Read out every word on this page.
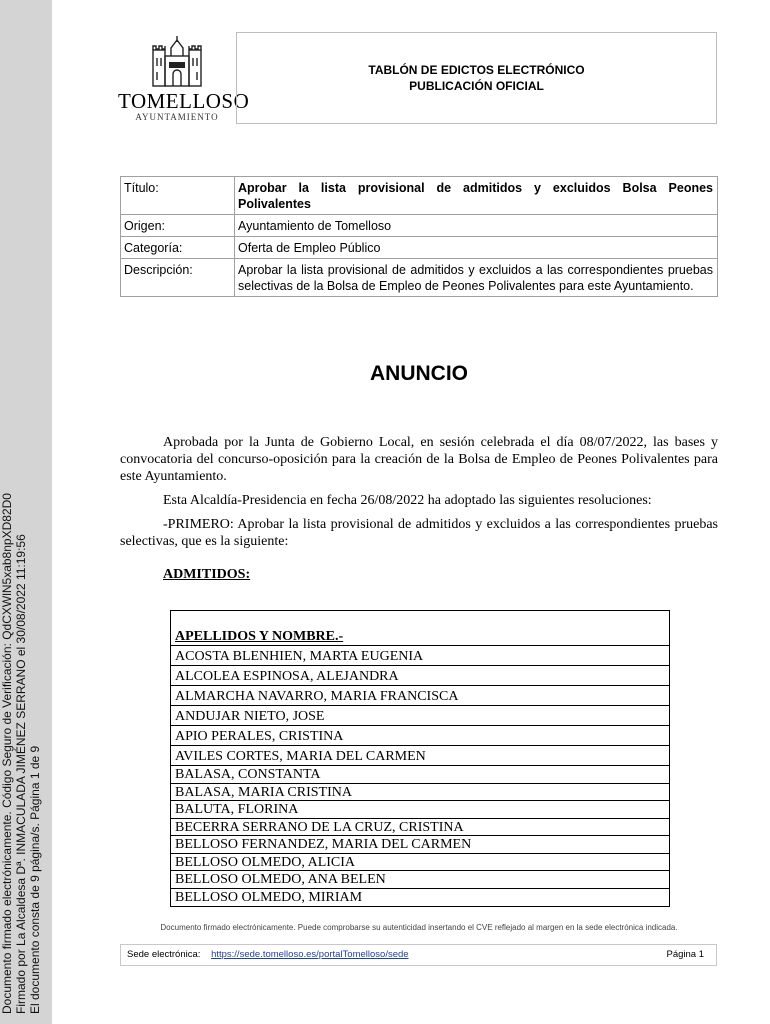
Documento firmado electrónicamente. Código Seguro de Verificación: QdCXWlN5xab8npXD82D0 Firmado por La Alcaldesa Dª. INMACULADA JIMÉNEZ SERRANO el 30/08/2022 11:19:56 El documento consta de 9 página/s. Página 1 de 9
TOMELLOSO
AYUNTAMIENTO
TABLÓN DE EDICTOS ELECTRÓNICO
PUBLICACIÓN OFICIAL
Título:	Aprobar la lista provisional de admitidos y excluidos Bolsa Peones Polivalentes
Origen:	Ayuntamiento de Tomelloso
Categoría:	Oferta de Empleo Público
Descripción:	Aprobar la lista provisional de admitidos y excluidos a las correspondientes pruebas selectivas de la Bolsa de Empleo de Peones Polivalentes para este Ayuntamiento.
ANUNCIO

Aprobada por la Junta de Gobierno Local, en sesión celebrada el día 08/07/2022, las bases y convocatoria del concurso-oposición para la creación de la Bolsa de Empleo de Peones Polivalentes para este Ayuntamiento.

Esta Alcaldía-Presidencia en fecha 26/08/2022 ha adoptado las siguientes resoluciones:

-PRIMERO: Aprobar la lista provisional de admitidos y excluidos a las correspondientes pruebas selectivas, que es la siguiente:

ADMITIDOS:
APELLIDOS Y NOMBRE.-
ACOSTA BLENHIEN, MARTA EUGENIA
ALCOLEA ESPINOSA, ALEJANDRA
ALMARCHA NAVARRO, MARIA FRANCISCA
ANDUJAR NIETO, JOSE
APIO PERALES, CRISTINA
AVILES CORTES, MARIA DEL CARMEN
BALASA, CONSTANTA
BALASA, MARIA CRISTINA
BALUTA, FLORINA
BECERRA SERRANO DE LA CRUZ, CRISTINA
BELLOSO FERNANDEZ, MARIA DEL CARMEN
BELLOSO OLMEDO, ALICIA
BELLOSO OLMEDO, ANA BELEN
BELLOSO OLMEDO, MIRIAM
Documento firmado electrónicamente. Puede comprobarse su autenticidad insertando el CVE reflejado al margen en la sede electrónica indicada.
Sede electrónica: https://sede.tomelloso.es/portalTomelloso/sede	Página 1
